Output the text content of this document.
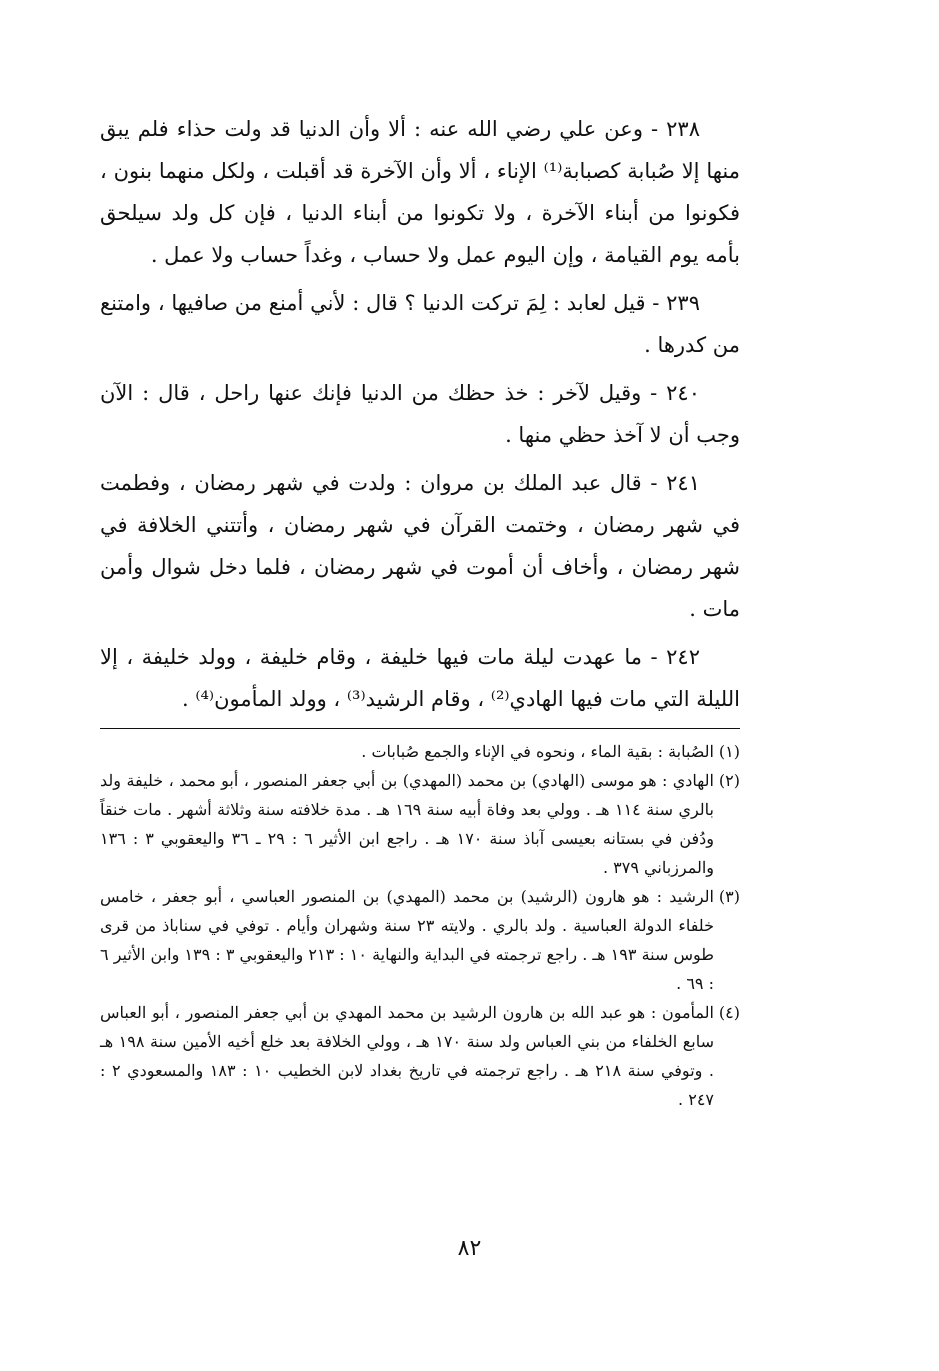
٢٣٨ - وعن علي رضي الله عنه : ألا وأن الدنيا قد ولت حذاء فلم يبق منها إلا صُبابة كصبابة⁽¹⁾ الإناء ، ألا وأن الآخرة قد أقبلت ، ولكل منهما بنون ، فكونوا من أبناء الآخرة ، ولا تكونوا من أبناء الدنيا ، فإن كل ولد سيلحق بأمه يوم القيامة ، وإن اليوم عمل ولا حساب ، وغداً حساب ولا عمل .

٢٣٩ - قيل لعابد : لِمَ تركت الدنيا ؟ قال : لأني أمنع من صافيها ، وامتنع من كدرها .

٢٤٠ - وقيل لآخر : خذ حظك من الدنيا فإنك عنها راحل ، قال : الآن وجب أن لا آخذ حظي منها .

٢٤١ - قال عبد الملك بن مروان : ولدت في شهر رمضان ، وفطمت في شهر رمضان ، وختمت القرآن في شهر رمضان ، وأتتني الخلافة في شهر رمضان ، وأخاف أن أموت في شهر رمضان ، فلما دخل شوال وأمن مات .

٢٤٢ - ما عهدت ليلة مات فيها خليفة ، وقام خليفة ، وولد خليفة ، إلا الليلة التي مات فيها الهادي⁽²⁾ ، وقام الرشيد⁽³⁾ ، وولد المأمون⁽⁴⁾ .

(١)
الصُبابة : بقية الماء ، ونحوه في الإناء والجمع صُبابات .

(٢)
الهادي : هو موسى (الهادي) بن محمد (المهدي) بن أبي جعفر المنصور ، أبو محمد ، خليفة ولد بالري سنة ١١٤ هـ . وولي بعد وفاة أبيه سنة ١٦٩ هـ . مدة خلافته سنة وثلاثة أشهر . مات خنقاً ودُفن في بستانه بعيسى آباذ سنة ١٧٠ هـ . راجع ابن الأثير ٦ : ٢٩ ـ ٣٦ واليعقوبي ٣ : ١٣٦ والمرزباني ٣٧٩ .

(٣)
الرشيد : هو هارون (الرشيد) بن محمد (المهدي) بن المنصور العباسي ، أبو جعفر ، خامس خلفاء الدولة العباسية . ولد بالري . ولايته ٢٣ سنة وشهران وأيام . توفي في سناباذ من قرى طوس سنة ١٩٣ هـ . راجع ترجمته في البداية والنهاية ١٠ : ٢١٣ واليعقوبي ٣ : ١٣٩ وابن الأثير ٦ : ٦٩ .

(٤)
المأمون : هو عبد الله بن هارون الرشيد بن محمد المهدي بن أبي جعفر المنصور ، أبو العباس سابع الخلفاء من بني العباس ولد سنة ١٧٠ هـ ، وولي الخلافة بعد خلع أخيه الأمين سنة ١٩٨ هـ . وتوفي سنة ٢١٨ هـ . راجع ترجمته في تاريخ بغداد لابن الخطيب ١٠ : ١٨٣ والمسعودي ٢ : ٢٤٧ .

٨٢
